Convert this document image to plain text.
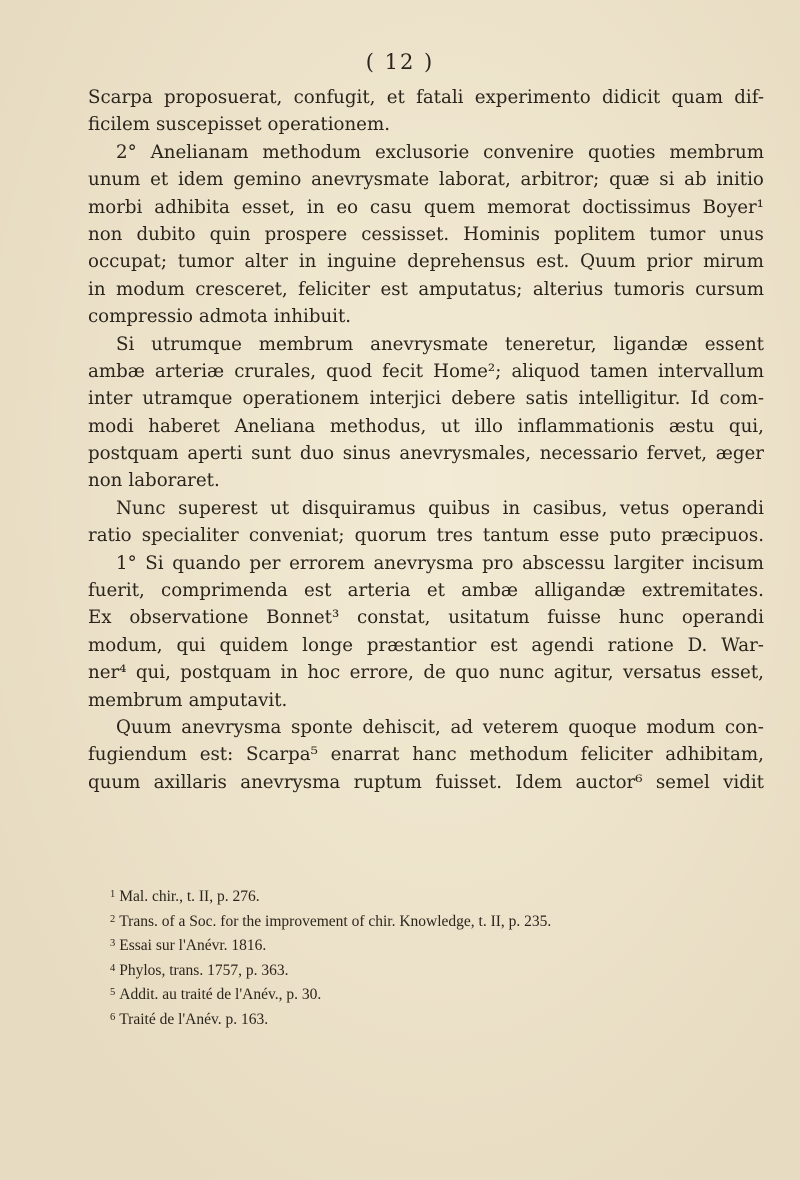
( 12 )
Scarpa proposuerat, confugit, et fatali experimento didicit quam dif-
ficilem suscepisset operationem.
2° Anelianam methodum exclusorie convenire quoties membrum
unum et idem gemino anevrysmate laborat, arbitror; quæ si ab initio
morbi adhibita esset, in eo casu quem memorat doctissimus Boyer¹
non dubito quin prospere cessisset. Hominis poplitem tumor unus
occupat; tumor alter in inguine deprehensus est. Quum prior mirum
in modum cresceret, feliciter est amputatus; alterius tumoris cursum
compressio admota inhibuit.
Si utrumque membrum anevrysmate teneretur, ligandæ essent
ambæ arteriæ crurales, quod fecit Home²; aliquod tamen intervallum
inter utramque operationem interjici debere satis intelligitur. Id com-
modi haberet Aneliana methodus, ut illo inflammationis æstu qui,
postquam aperti sunt duo sinus anevrysmales, necessario fervet, æger
non laboraret.
Nunc superest ut disquiramus quibus in casibus, vetus operandi
ratio specialiter conveniat; quorum tres tantum esse puto præcipuos.
1° Si quando per errorem anevrysma pro abscessu largiter incisum
fuerit, comprimenda est arteria et ambæ alligandæ extremitates.
Ex observatione Bonnet³ constat, usitatum fuisse hunc operandi
modum, qui quidem longe præstantior est agendi ratione D. War-
ner⁴ qui, postquam in hoc errore, de quo nunc agitur, versatus esset,
membrum amputavit.
Quum anevrysma sponte dehiscit, ad veterem quoque modum con-
fugiendum est: Scarpa⁵ enarrat hanc methodum feliciter adhibitam,
quum axillaris anevrysma ruptum fuisset. Idem auctor⁶ semel vidit
$^1$ Mal. chir., t. II, p. 276.
$^2$ Trans. of a Soc. for the improvement of chir. Knowledge, t. II, p. 235.
$^3$ Essai sur l'Anévr. 1816.
$^4$ Phylos, trans. 1757, p. 363.
$^5$ Addit. au traité de l'Anév., p. 30.
$^6$ Traité de l'Anév. p. 163.
